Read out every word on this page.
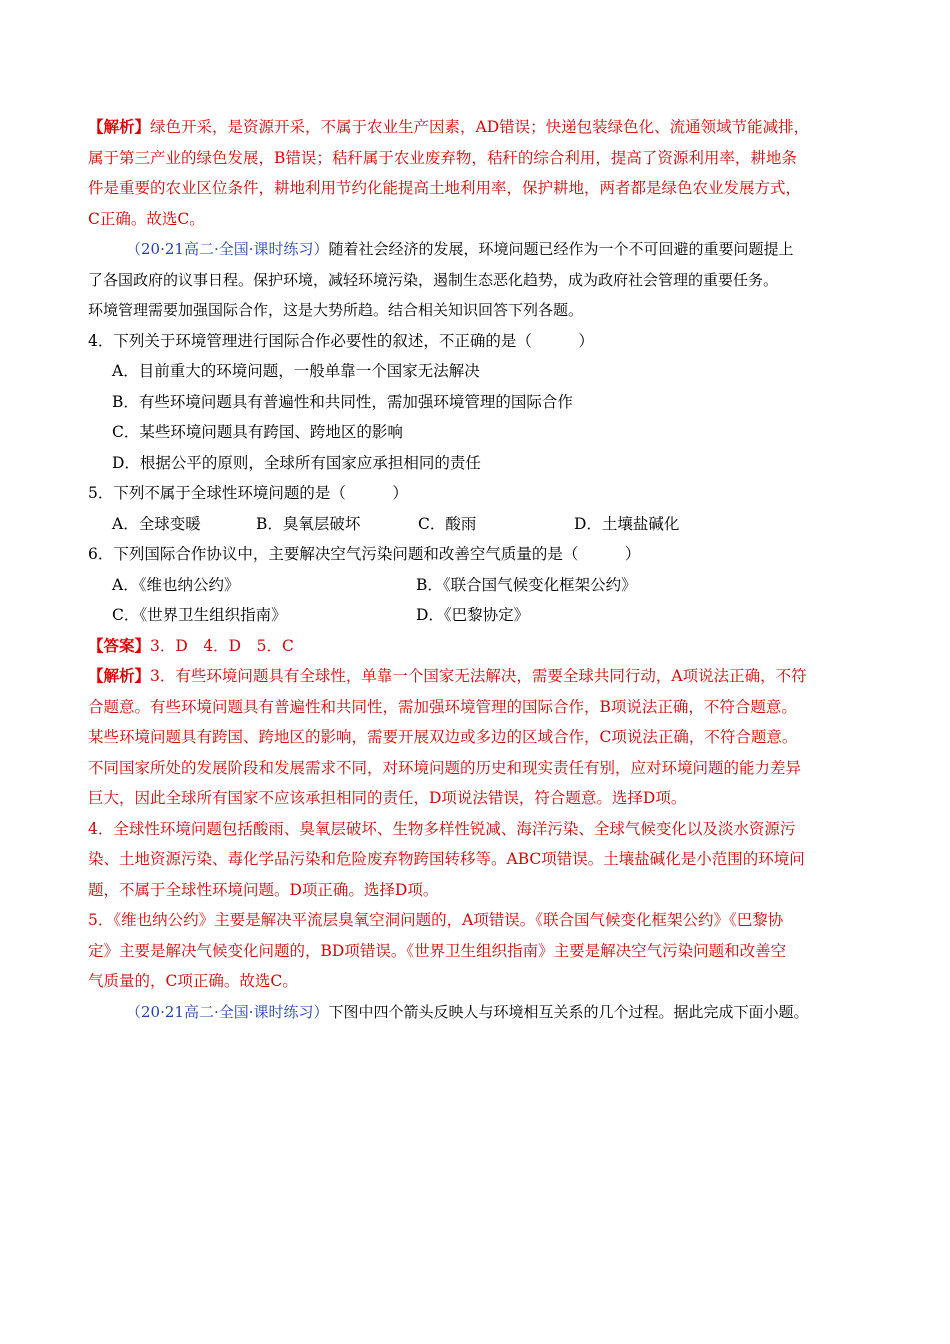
【解析】绿色开采，是资源开采，不属于农业生产因素，AD错误；快递包装绿色化、流通领域节能减排，
属于第三产业的绿色发展，B错误；秸秆属于农业废弃物，秸秆的综合利用，提高了资源利用率，耕地条
件是重要的农业区位条件，耕地利用节约化能提高土地利用率，保护耕地，两者都是绿色农业发展方式，
C正确。故选C。
（20·21高二·全国·课时练习）随着社会经济的发展，环境问题已经作为一个不可回避的重要问题提上
了各国政府的议事日程。保护环境，减轻环境污染，遏制生态恶化趋势，成为政府社会管理的重要任务。
环境管理需要加强国际合作，这是大势所趋。结合相关知识回答下列各题。
4．下列关于环境管理进行国际合作必要性的叙述，不正确的是（　　　）
A．目前重大的环境问题，一般单靠一个国家无法解决
B．有些环境问题具有普遍性和共同性，需加强环境管理的国际合作
C．某些环境问题具有跨国、跨地区的影响
D．根据公平的原则，全球所有国家应承担相同的责任
5．下列不属于全球性环境问题的是（　　　）
A．全球变暖	B．臭氧层破坏	C．酸雨	D．土壤盐碱化
6．下列国际合作协议中，主要解决空气污染问题和改善空气质量的是（　　　）
A．《维也纳公约》	B．《联合国气候变化框架公约》
C．《世界卫生组织指南》	D．《巴黎协定》
【答案】3．D　4．D　5．C
【解析】3．有些环境问题具有全球性，单靠一个国家无法解决，需要全球共同行动，A项说法正确，不符
合题意。有些环境问题具有普遍性和共同性，需加强环境管理的国际合作，B项说法正确，不符合题意。
某些环境问题具有跨国、跨地区的影响，需要开展双边或多边的区域合作，C项说法正确，不符合题意。
不同国家所处的发展阶段和发展需求不同，对环境问题的历史和现实责任有别，应对环境问题的能力差异
巨大，因此全球所有国家不应该承担相同的责任，D项说法错误，符合题意。选择D项。
4．全球性环境问题包括酸雨、臭氧层破坏、生物多样性锐减、海洋污染、全球气候变化以及淡水资源污
染、土地资源污染、毒化学品污染和危险废弃物跨国转移等。ABC项错误。土壤盐碱化是小范围的环境问
题，不属于全球性环境问题。D项正确。选择D项。
5．《维也纳公约》主要是解决平流层臭氧空洞问题的，A项错误。《联合国气候变化框架公约》《巴黎协
定》主要是解决气候变化问题的，BD项错误。《世界卫生组织指南》主要是解决空气污染问题和改善空
气质量的，C项正确。故选C。
（20·21高二·全国·课时练习）下图中四个箭头反映人与环境相互关系的几个过程。据此完成下面小题。
